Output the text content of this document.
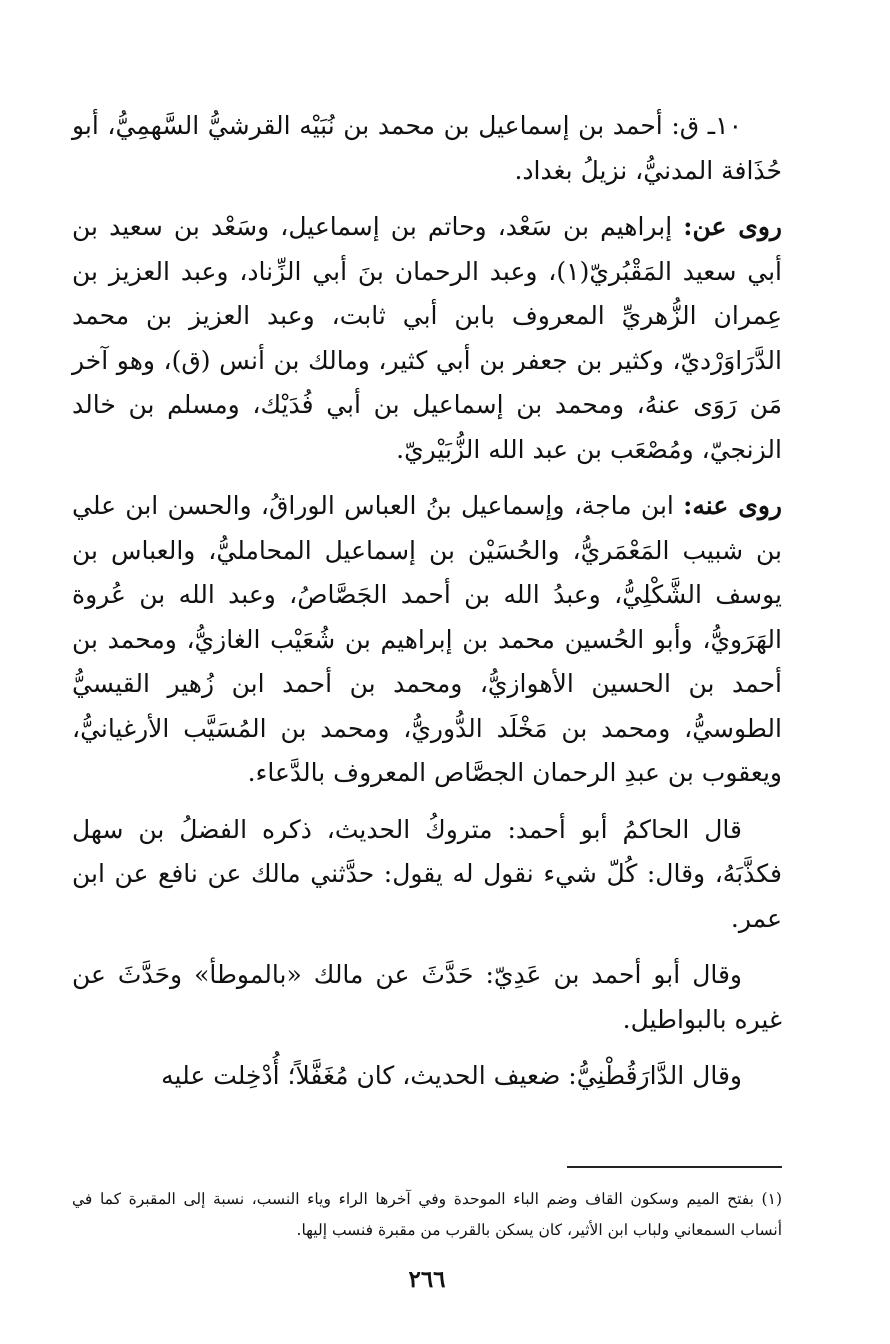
١٠ـ ق: أحمد بن إسماعيل بن محمد بن نُبَيْه القرشيُّ السَّهمِيُّ، أبو حُذَافة المدنيُّ، نزيلُ بغداد.

روى عن: إبراهيم بن سَعْد، وحاتم بن إسماعيل، وسَعْد بن سعيد بن أبي سعيد المَقْبُريّ(١)، وعبد الرحمان بنَ أبي الزِّناد، وعبد العزيز بن عِمران الزُّهريِّ المعروف بابن أبي ثابت، وعبد العزيز بن محمد الدَّرَاوَرْديّ، وكثير بن جعفر بن أبي كثير، ومالك بن أنس (ق)، وهو آخر مَن رَوَى عنهُ، ومحمد بن إسماعيل بن أبي فُدَيْك، ومسلم بن خالد الزنجيّ، ومُصْعَب بن عبد الله الزُّبَيْريّ.

روى عنه: ابن ماجة، وإسماعيل بنُ العباس الوراقُ، والحسن ابن علي بن شبيب المَعْمَريُّ، والحُسَيْن بن إسماعيل المحامليُّ، والعباس بن يوسف الشَّكْلِيُّ، وعبدُ الله بن أحمد الجَصَّاصُ، وعبد الله بن عُروة الهَرَويُّ، وأبو الحُسين محمد بن إبراهيم بن شُعَيْب الغازيُّ، ومحمد بن أحمد بن الحسين الأهوازيُّ، ومحمد بن أحمد ابن زُهير القيسيُّ الطوسيُّ، ومحمد بن مَخْلَد الدُّوريُّ، ومحمد بن المُسَيَّب الأرغيانيُّ، ويعقوب بن عبدِ الرحمان الجصَّاص المعروف بالدَّعاء.

قال الحاكمُ أبو أحمد: متروكُ الحديث، ذكره الفضلُ بن سهل فكذَّبَهُ، وقال: كُلّ شيء نقول له يقول: حدَّثني مالك عن نافع عن ابن عمر.

وقال أبو أحمد بن عَدِيّ: حَدَّثَ عن مالك «بالموطأ» وحَدَّثَ عن غيره بالبواطيل.

وقال الدَّارَقُطْنِيُّ: ضعيف الحديث، كان مُغَفَّلاً؛ أُدْخِلت عليه

(١) بفتح الميم وسكون القاف وضم الباء الموحدة وفي آخرها الراء وياء النسب، نسبة إلى المقبرة كما في أنساب السمعاني ولباب ابن الأثير، كان يسكن بالقرب من مقبرة فنسب إليها.

٢٦٦
